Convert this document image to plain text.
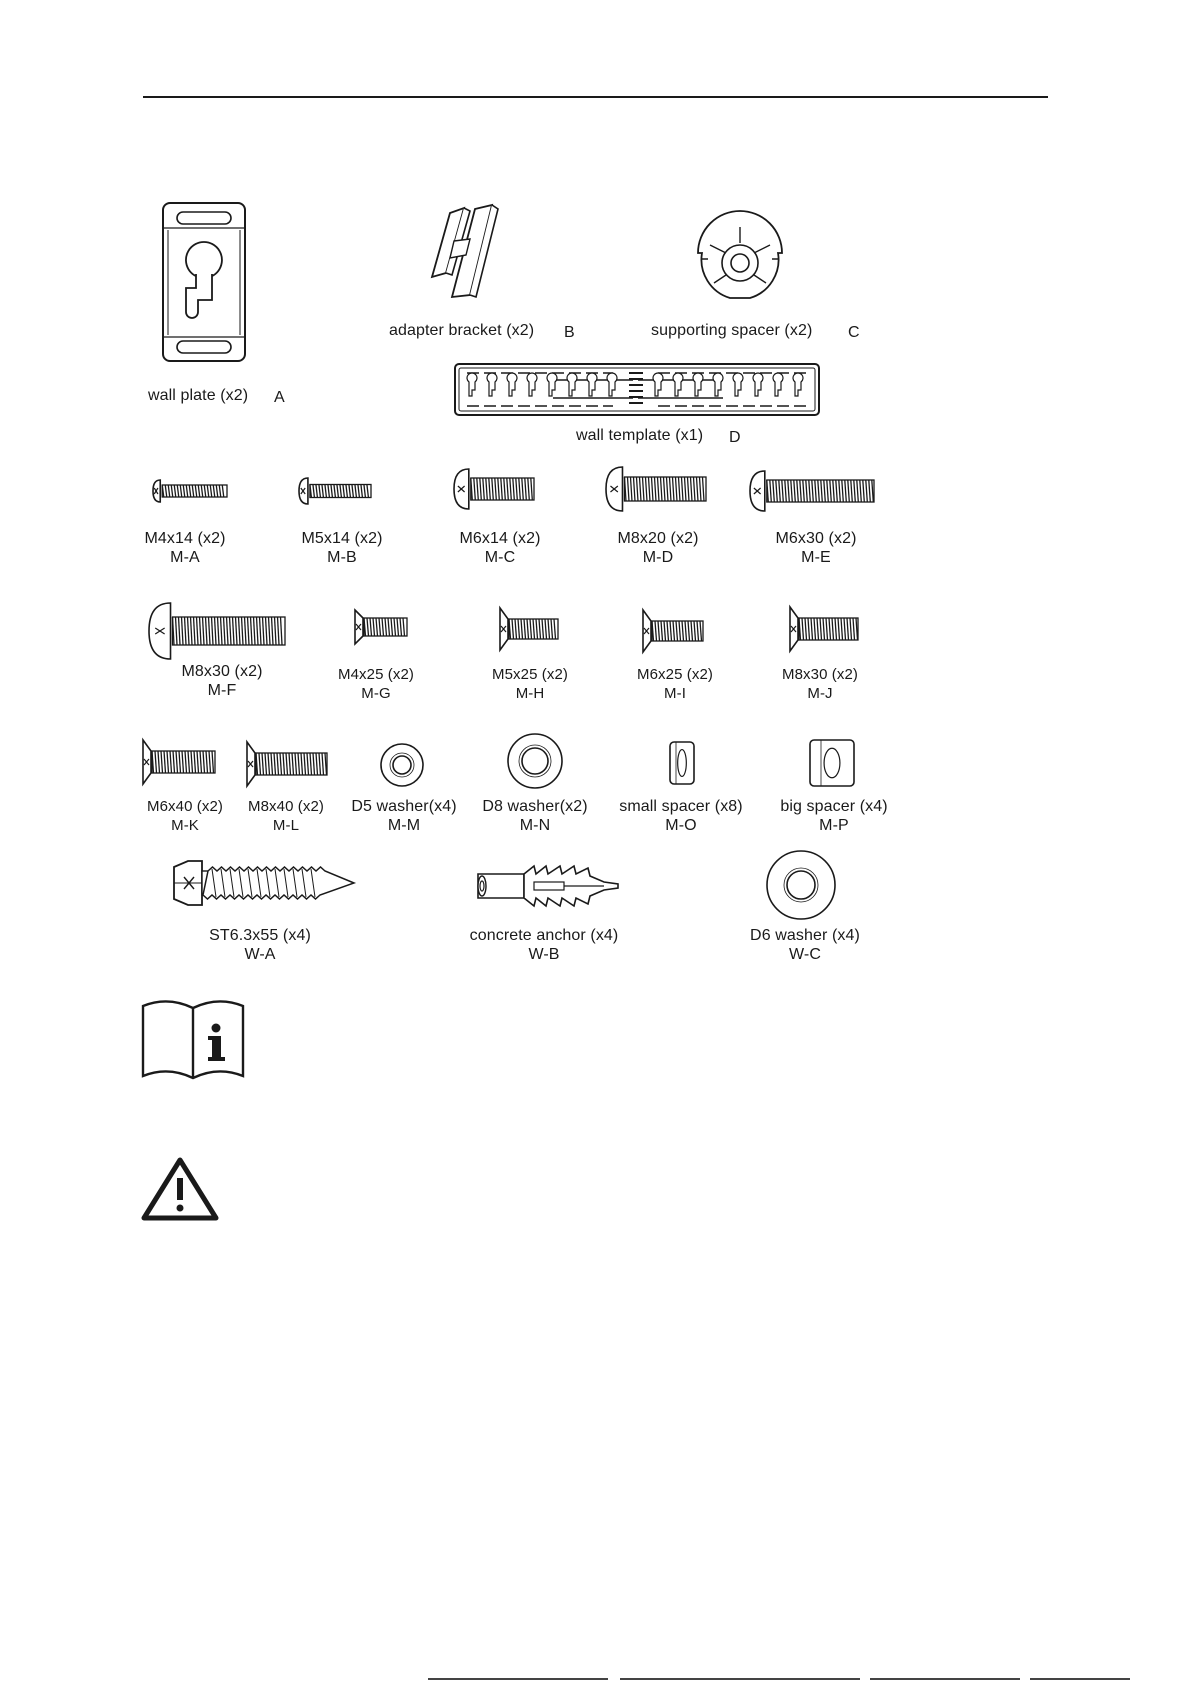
wall plate (x2) A
adapter bracket (x2) B	supporting spacer (x2) C
wall template (x1) D
M4x14 (x2)
M-A
M5x14 (x2)
M-B
M6x14 (x2)
M-C
M8x20 (x2)
M-D
M6x30 (x2)
M-E
M8x30 (x2)
M-F
M4x25 (x2)
M-G
M5x25 (x2)
M-H
M6x25 (x2)
M-I
M8x30 (x2)
M-J
M6x40 (x2)
M-K
M8x40 (x2)
M-L
D5 washer(x4)
M-M
D8 washer(x2)
M-N
small spacer (x8)
M-O
big spacer (x4)
M-P
ST6.3x55 (x4)
W-A
concrete anchor (x4)
W-B
D6 washer (x4)
W-C
